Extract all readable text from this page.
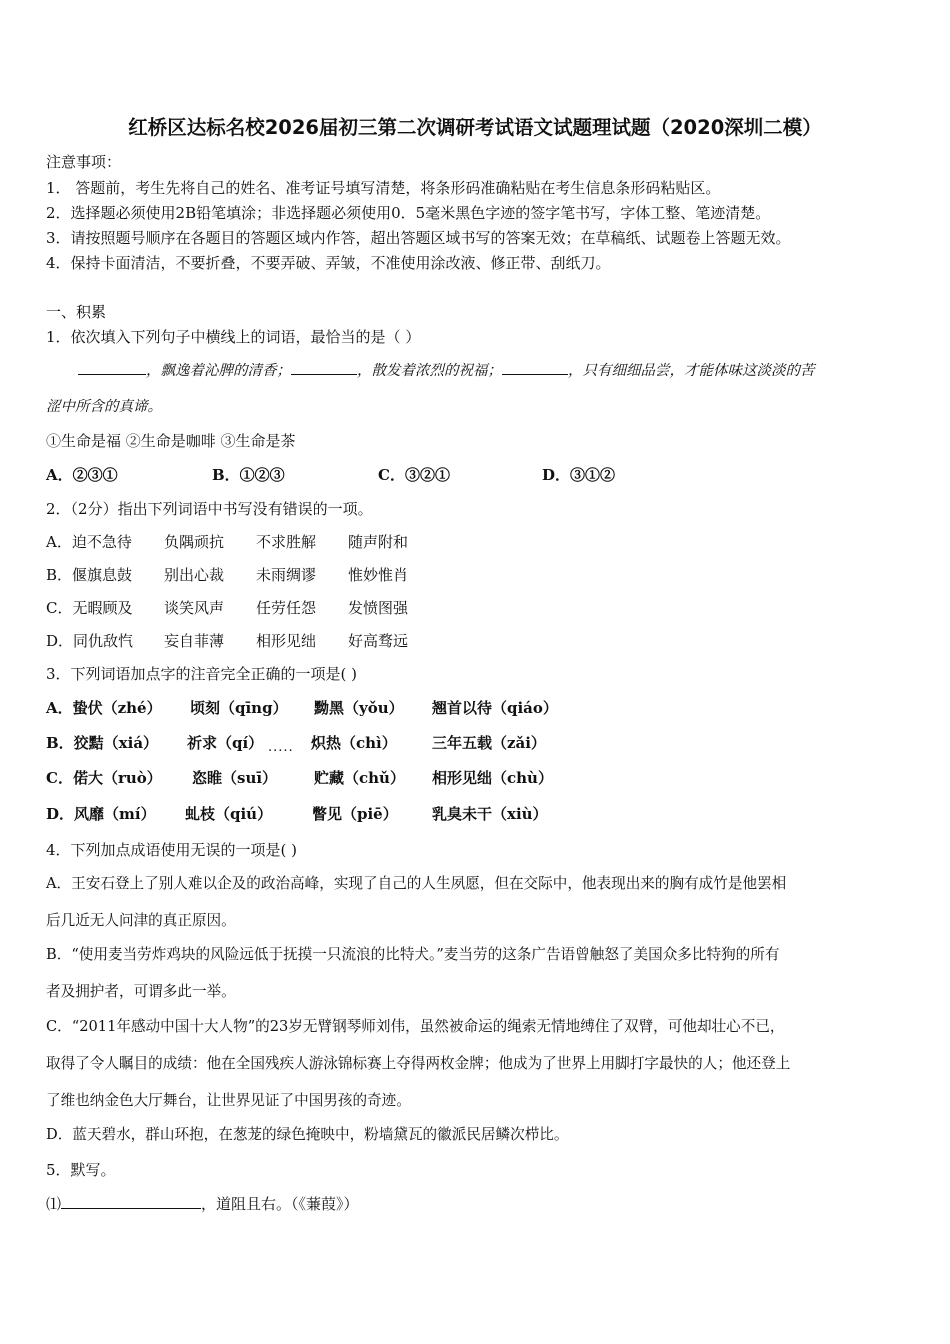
红桥区达标名校2026届初三第二次调研考试语文试题理试题（2020深圳二模）
注意事项：
1． 答题前，考生先将自己的姓名、准考证号填写清楚，将条形码准确粘贴在考生信息条形码粘贴区。
2．选择题必须使用2B铅笔填涂；非选择题必须使用0．5毫米黑色字迹的签字笔书写，字体工整、笔迹清楚。
3．请按照题号顺序在各题目的答题区域内作答，超出答题区域书写的答案无效；在草稿纸、试题卷上答题无效。
4．保持卡面清洁，不要折叠，不要弄破、弄皱，不准使用涂改液、修正带、刮纸刀。
一、积累
1．依次填入下列句子中横线上的词语，最恰当的是（ ）
，飘逸着沁脾的清香；	，散发着浓烈的祝福；	，只有细细品尝，才能体味这淡淡的苦
涩中所含的真谛。
①生命是福 ②生命是咖啡 ③生命是茶
A．②③①	B．①②③	C．③②①	D．③①②
2．（2分）指出下列词语中书写没有错误的一项。
A．迫不急待 负隅顽抗 不求胜解 随声附和
B．偃旗息鼓 别出心裁 未雨绸谬 惟妙惟肖
C．无暇顾及 谈笑风声 任劳任怨 发愤图强
D．同仇敌忾 妄自菲薄 相形见绌 好高骛远
3．下列词语加点字的注音完全正确的一项是( )
A．蛰伏（zhé） 顷刻（qīng） 黝黑（yǒu） 翘首以待（qiáo）
B．狡黠（xiá） 祈求（qí） ..... 炽热（chì） 三年五载（zǎi）
C．偌大（ruò） 恣睢（suī） 贮藏（chǔ） 相形见绌（chù）
D．风靡（mí） 虬枝（qiú）	瞥见（piē） 乳臭未干（xiù）
4．下列加点成语使用无误的一项是( )
A．王安石登上了别人难以企及的政治高峰，实现了自己的人生夙愿，但在交际中，他表现出来的胸有成竹是他罢相
后几近无人问津的真正原因。
B．“使用麦当劳炸鸡块的风险远低于抚摸一只流浪的比特犬。”麦当劳的这条广告语曾触怒了美国众多比特狗的所有
者及拥护者，可谓多此一举。
C．“2011年感动中国十大人物”的23岁无臂钢琴师刘伟，虽然被命运的绳索无情地缚住了双臂，可他却壮心不已，
取得了令人瞩目的成绩：他在全国残疾人游泳锦标赛上夺得两枚金牌；他成为了世界上用脚打字最快的人；他还登上
了维也纳金色大厅舞台，让世界见证了中国男孩的奇迹。
D．蓝天碧水，群山环抱，在葱茏的绿色掩映中，粉墙黛瓦的徽派民居鳞次栉比。
5．默写。
⑴	，道阻且右。（《蒹葭》）
